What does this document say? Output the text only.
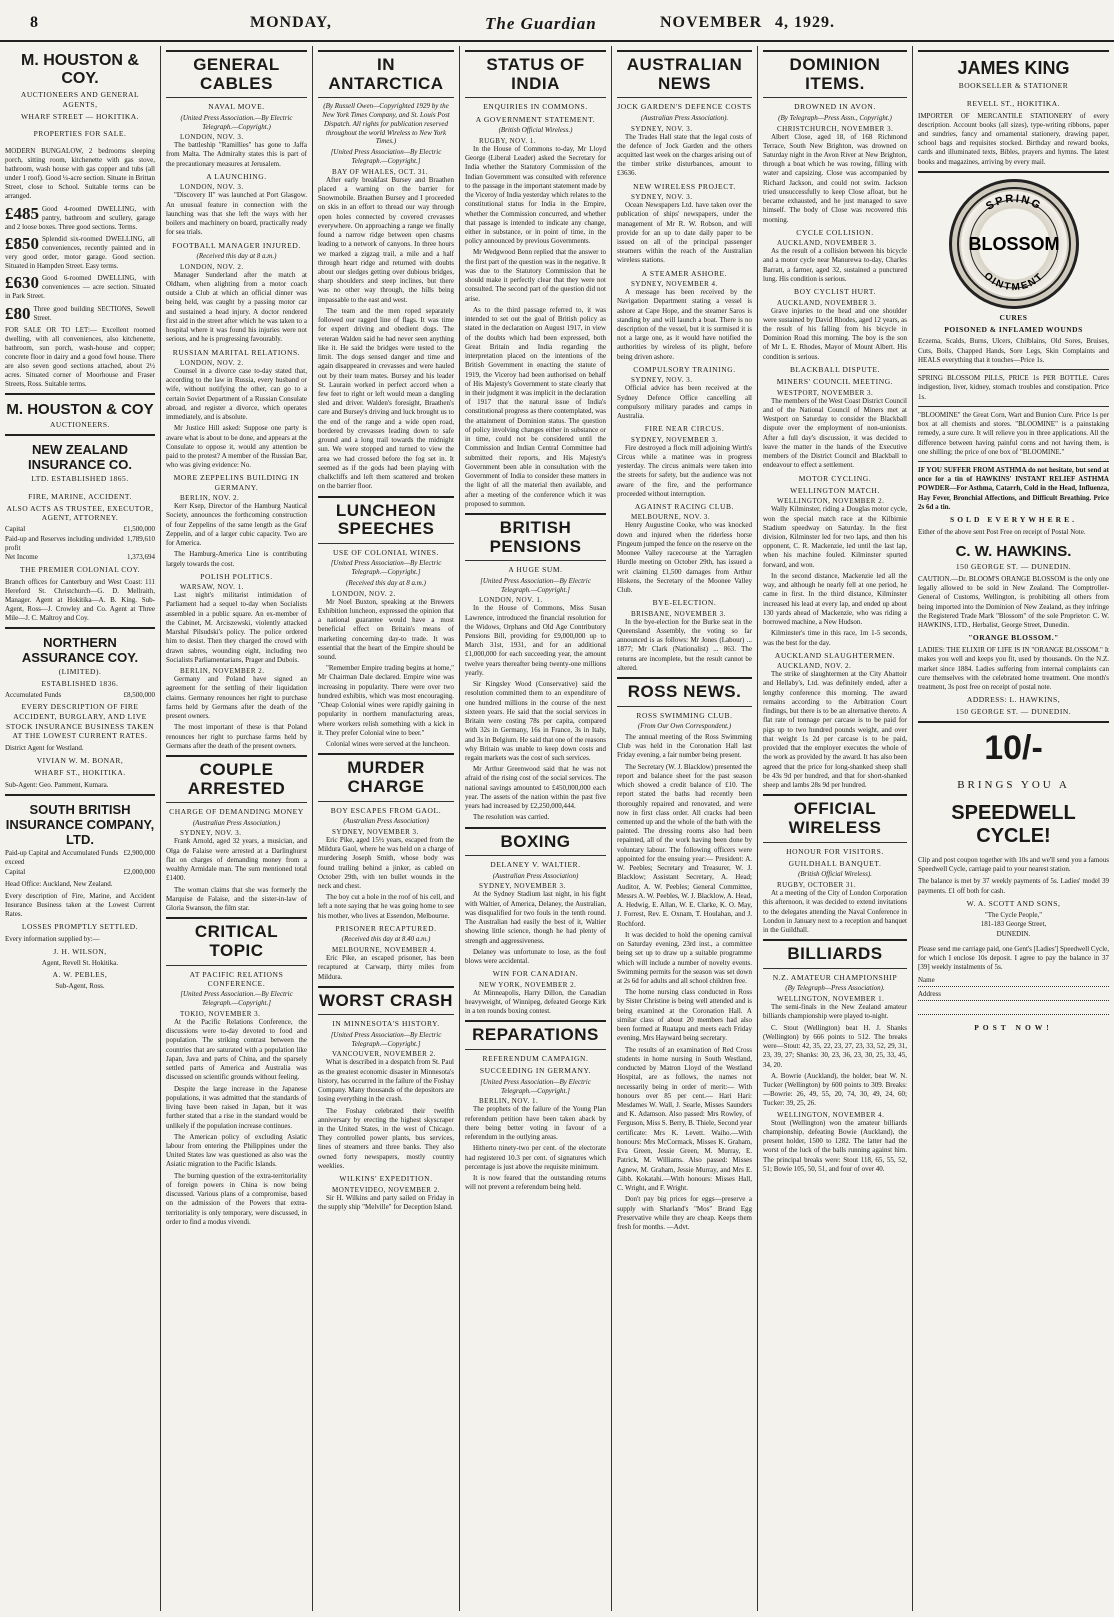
8	MONDAY,	The Guardian	NOVEMBER 4, 1929.
M. HOUSTON & COY.
AUCTIONEERS AND GENERAL AGENTS,
WHARF STREET — HOKITIKA.
PROPERTIES FOR SALE.
MODERN BUNGALOW, 2 bedrooms sleeping porch, sitting room, kitchenette with gas stove, bathroom, wash house with gas copper and tubs (all under 1 roof). Good ¼-acre section. Situate in Brittan Street, close to School. Suitable terms can be arranged.
£485 Good 4-roomed DWELLING, with pantry, bathroom and scullery, garage and 2 loose boxes. Three good sections. Terms.
£850 Splendid six-roomed DWELLING, all conveniences, recently painted and in very good order, motor garage. Good section. Situated in Hampden Street. Easy terms.
£630 Good 6-roomed DWELLING, with conveniences — acre section. Situated in Park Street.
£80 Three good building SECTIONS, Sewell Street.
FOR SALE OR TO LET:— Excellent roomed dwelling, with all conveniences, also kitchenette, bathroom, sun porch, wash-house and copper; concrete floor in dairy and a good fowl house. There are also seven good sections attached, about 2½ acres. Situated corner of Moorhouse and Fraser Streets, Ross. Suitable terms.
M. HOUSTON & COY
AUCTIONEERS.
NEW ZEALAND INSURANCE CO.
LTD. ESTABLISHED 1865.
FIRE, MARINE, ACCIDENT.
ALSO ACTS AS TRUSTEE, EXECUTOR, AGENT, ATTORNEY.
Capital	£1,500,000
Paid-up and Reserves including undivided profit
1,789,610
Net Income	1,373,694
THE PREMIER COLONIAL COY.
Branch offices for Canterbury and West Coast: 111 Hereford St. Christchurch—G. D. Mellraith, Manager. Agent at Hokitika—A. B. King. Sub-Agent, Ross—J. Crowley and Co. Agent at Three Mile—J. C. Maltroy and Coy.
NORTHERN ASSURANCE COY.
(LIMITED).
ESTABLISHED 1836.
Accumulated Funds	£8,500,000
EVERY DESCRIPTION OF FIRE ACCIDENT, BURGLARY, AND LIVE STOCK INSURANCE BUSINESS TAKEN AT THE LOWEST CURRENT RATES.
District Agent for Westland.
VIVIAN W. M. BONAR,
WHARF ST., HOKITIKA.
Sub-Agent: Geo. Pamment, Kumara.
SOUTH BRITISH INSURANCE COMPANY, LTD.
Paid-up Capital and Accumulated Funds exceed
£2,900,000
Capital	£2,000,000
Head Office: Auckland, New Zealand.
Every description of Fire, Marine, and Accident Insurance Business taken at the Lowest Current Rates.
LOSSES PROMPTLY SETTLED.
Every information supplied by:—
J. H. WILSON,
Agent, Revell St. Hokitika.
A. W. PEBLES,
Sub-Agent, Ross.
GENERAL CABLES
NAVAL MOVE.
(United Press Association.—By Electric Telegraph.—Copyright.)
LONDON, NOV. 3.
The battleship "Ramillies" has gone to Jaffa from Malta. The Admiralty states this is part of the precautionary measures at Jerusalem.
A LAUNCHING.
LONDON, NOV. 3.
"Discovery II" was launched at Port Glasgow. An unusual feature in connection with the launching was that she left the ways with her boilers and machinery on board, practically ready for sea trials.
FOOTBALL MANAGER INJURED.
(Received this day at 8 a.m.)
LONDON, NOV. 2.
Manager Sunderland after the match at Oldham, when alighting from a motor coach outside a Club at which an official dinner was being held, was caught by a passing motor car and sustained a head injury. A doctor rendered first aid in the street after which he was taken to a hospital where it was found his injuries were not serious, and he is progressing favourably.
RUSSIAN MARITAL RELATIONS.
LONDON, NOV. 2.
Counsel in a divorce case to-day stated that, according to the law in Russia, every husband or wife, without notifying the other, can go to a certain Soviet Department of a Russian Consulate abroad, and register a divorce, which operates immediately, and is absolute.
Mr Justice Hill asked: Suppose one party is aware what is about to be done, and appears at the Consulate to oppose it, would any attention be paid to the protest? A member of the Russian Bar, who was giving evidence: No.
MORE ZEPPELINS BUILDING IN GERMANY.
BERLIN, NOV. 2.
Kerr Ksep, Director of the Hamburg Nautical Society, announces the forthcoming construction of four Zeppelins of the same length as the Graf Zeppelin, and of a larger cubic capacity. Two are for America.
The Hamburg-America Line is contributing largely towards the cost.
POLISH POLITICS.
WARSAW, NOV. 1.
Last night's militarist intimidation of Parliament had a sequel to-day when Socialists assembled in a public square. An ex-member of the Cabinet, M. Arciszewski, violently attacked Marshal Pilsudski's policy. The police ordered him to desist. Then they charged the crowd with drawn sabres, wounding eight, including two Socialists Parliamentarians, Prager and Dubois.
BERLIN, NOVEMBER 2.
Germany and Poland have signed an agreement for the settling of their liquidation claims. Germany renounces her right to purchase farms held by Germans after the death of the present owners.
The most important of these is that Poland renounces her right to purchase farms held by Germans after the death of the present owners.
COUPLE ARRESTED
CHARGE OF DEMANDING MONEY
(Australian Press Association.)
SYDNEY, NOV. 3.
Frank Arnold, aged 32 years, a musician, and Olga de Falaise were arrested at a Darlinghurst flat on charges of demanding money from a wealthy Armidale man. The sum mentioned total £1400.
The woman claims that she was formerly the Marquise de Falaise, and the sister-in-law of Gloria Swanson, the film star.
CRITICAL TOPIC
AT PACIFIC RELATIONS CONFERENCE.
[United Press Association.—By Electric Telegraph.—Copyright.]
TOKIO, NOVEMBER 3.
At the Pacific Relations Conference, the discussions were to-day devoted to food and population. The striking contrast between the countries that are saturated with a population like Japan, Java and parts of China, and the sparsely settled parts of America and Australia was discussed on scientific grounds without feeling.
Despite the large increase in the Japanese populations, it was admitted that the standards of living have been raised in Japan, but it was further stated that a rise in the standard would be unlikely if the population increase continues.
The American policy of excluding Asiatic labour from entering the Philippines under the United States law was questioned as also was the Asiatic migration to the Pacific Islands.
The burning question of the extra-territoriality of foreign powers in China is now being discussed. Various plans of a compromise, based on the admission of the Powers that extra-territoriality is only temporary, were discussed, in order to find a modus vivendi.
IN ANTARCTICA
(By Russell Owen—Copyrighted 1929 by the New York Times Company, and St. Louis Post Dispatch. All rights for publication reserved throughout the world Wireless to New York Times.)
[United Press Association—By Electric Telegraph.—Copyright.]
BAY OF WHALES, OCT. 31.
After early breakfast Bursey and Braathen placed a warning on the barrier for Snowmobile. Braathen Bursey and I proceeded on skis in an effort to thread our way through open holes connected by covered crevasses everywhere. On approaching a range we finally found a narrow ridge between open chasms leading to a network of canyons. In three hours we marked a zigzag trail, a mile and a half through heart ridge and returned with doubts about our sledges getting over dubious bridges, sharp shoulders and steep inclines, but there was no other way through, the hills being impassable to the east and west.
The team and the men roped separately followed our ragged line of flags. It was time for expert driving and obedient dogs. The veteran Walden said he had never seen anything like it. He said the bridges were tested to the limit. The dogs sensed danger and time and again disappeared in crevasses and were hauled out by their team mates. Bursey and his leader St. Laurain worked in perfect accord when a few feet to right or left would mean a dangling sled and driver. Walden's foresight, Braathen's care and Bursey's driving and luck brought us to the end of the range and a wide open road, bordered by crevasses leading down to safe ground and a long trail towards the midnight sun. We were stopped and turned to view the area we had crossed before the fog set in. It seemed as if the gods had been playing with chalkcliffs and left them scattered and broken on the barrier floor.
LUNCHEON SPEECHES
USE OF COLONIAL WINES.
[United Press Association—By Electric Telegraph.—Copyright.]
(Received this day at 8 a.m.)
LONDON, NOV. 2.
Mr Noel Buxton, speaking at the Brewers Exhibition luncheon, expressed the opinion that a national guarantee would have a most beneficial effect on Britain's means of marketing concerning day-to trade. It was essential that the heart of the Empire should be sound.
"Remember Empire trading begins at home," Mr Chairman Dale declared. Empire wine was increasing in popularity. There were over two hundred exhibits, which was most encouraging. "Cheap Colonial wines were rapidly gaining in popularity in northern manufacturing areas, where workers relish something with a kick in it. They prefer Colonial wine to beer."
Colonial wines were served at the luncheon.
MURDER CHARGE
BOY ESCAPES FROM GAOL.
(Australian Press Association)
SYDNEY, NOVEMBER 3.
Eric Pike, aged 15½ years, escaped from the Mildura Gaol, where he was held on a charge of murdering Joseph Smith, whose body was found trailing behind a jinker, as cabled on October 29th, with ten bullet wounds in the neck and chest.
The boy cut a hole in the roof of his cell, and left a note saying that he was going home to see his mother, who lives at Essendon, Melbourne.
PRISONER RECAPTURED.
(Received this day at 8.40 a.m.)
MELBOURNE, NOVEMBER 4.
Eric Pike, an escaped prisoner, has been recaptured at Carwarp, thirty miles from Mildura.
WORST CRASH
IN MINNESOTA'S HISTORY.
[United Press Association—By Electric Telegraph.—Copyright.]
VANCOUVER, NOVEMBER 2.
What is described in a despatch from St. Paul as the greatest economic disaster in Minnesota's history, has occurred in the failure of the Foshay Company. Many thousands of the depositors are losing everything in the crash.
The Foshay celebrated their twelfth anniversary by erecting the highest skyscraper in the United States, in the west of Chicago. They controlled power plants, bus services, lines of steamers and three banks. They also owned forty newspapers, mostly country weeklies.
WILKINS' EXPEDITION.
MONTEVIDEO, NOVEMBER 2.
Sir H. Wilkins and party sailed on Friday in the supply ship "Melville" for Deception Island.
STATUS OF INDIA
ENQUIRIES IN COMMONS.
A GOVERNMENT STATEMENT.
(British Official Wireless.)
RUGBY, NOV. 1.
In the House of Commons to-day, Mr Lloyd George (Liberal Leader) asked the Secretary for India whether the Statutory Commission of the Indian Government was consulted with reference to the passage in the important statement made by the Viceroy of India yesterday which relates to the constitutional status for India in the Empire, whether the Commission concurred, and whether that passage is intended to indicate any change, either in substance, or in point of time, in the policy announced by previous Governments.
Mr Wedgwood Benn replied that the answer to the first part of the question was in the negative. It was due to the Statutory Commission that he should make it perfectly clear that they were not consulted. The second part of the question did not arise.
As to the third passage referred to, it was intended to set out the goal of British policy as stated in the declaration on August 1917, in view of the doubts which had been expressed, both Great Britain and India regarding the interpretation placed on the intentions of the British Government in enacting the statute of 1919, the Viceroy had been authorised on behalf of His Majesty's Government to state clearly that in their judgment it was implicit in the declaration of 1917 that the natural issue of India's constitutional progress as there contemplated, was the attainment of Dominion status. The question of policy involving changes either in substance or in time, could not be considered until the Commission and Indian Central Committee had submitted their reports, and His Majesty's Government been able in consultation with the Government of India to consider these matters in the light of all the material then available, and after a meeting of the conference which it was proposed to summon.
BRITISH PENSIONS
A HUGE SUM.
[United Press Association—By Electric Telegraph.—Copyright.]
LONDON, NOV. 1.
In the House of Commons, Miss Susan Lawrence, introduced the financial resolution for the Widows, Orphans and Old Age Contributory Pensions Bill, providing for £9,000,000 up to March 31st, 1931, and for an additional £1,000,000 for each succeeding year, the amount twelve years thereafter being twenty-one millions yearly.
Sir Kingsley Wood (Conservative) said the resolution committed them to an expenditure of one hundred millions in the course of the next sixteen years. He said that the social services in Britain were costing 78s per capita, compared with 32s in Germany, 16s in France, 3s in Italy, and 3s in Belgium. He said that one of the reasons why Britain was unable to keep down costs and regain markets was the cost of such services.
Mr Arthur Greenwood said that he was not afraid of the rising cost of the social services. The national savings amounted to £450,000,000 each year. The assets of the nation within the past five years had increased by £2,250,000,444.
The resolution was carried.
BOXING
DELANEY V. WALTIER.
(Australian Press Association)
SYDNEY, NOVEMBER 3.
At the Sydney Stadium last night, in his fight with Waltier, of America, Delaney, the Australian, was disqualified for two fouls in the tenth round. The Australian had easily the best of it, Waltier showing little science, though he had plenty of strength and aggressiveness.
Delaney was unfortunate to lose, as the foul blows were accidental.
WIN FOR CANADIAN.
NEW YORK, NOVEMBER 2.
At Minneapolis, Harry Dillon, the Canadian heavyweight, of Winnipeg, defeated George Kirk in a ten rounds boxing contest.
REPARATIONS
REFERENDUM CAMPAIGN.
SUCCEEDING IN GERMANY.
[United Press Association—By Electric Telegraph.—Copyright.]
BERLIN, NOV. 1.
The prophets of the failure of the Young Plan referendum petition have been taken aback by there being better voting in favour of a referendum in the outlying areas.
Hitherto ninety-two per cent. of the electorate had registered 10.3 per cent. of signatures which percentage is just above the requisite minimum.
It is now feared that the outstanding returns will not prevent a referendum being held.
AUSTRALIAN NEWS
JOCK GARDEN'S DEFENCE COSTS
(Australian Press Association).
SYDNEY, NOV. 3.
The Trades Hall state that the legal costs of the defence of Jock Garden and the others acquitted last week on the charges arising out of the timber strike disturbances, amount to £3636.
NEW WIRELESS PROJECT.
SYDNEY, NOV. 3.
Ocean Newspapers Ltd. have taken over the publication of ships' newspapers, under the management of Mr R. W. Robson, and will provide for an up to date daily paper to be issued on all of the principal passenger steamers within the reach of the Australian wireless stations.
A STEAMER ASHORE.
SYDNEY, NOVEMBER 4.
A message has been received by the Navigation Department stating a vessel is ashore at Cape Hope, and the steamer Saros is standing by and will launch a boat. There is no description of the vessel, but it is surmised it is not a large one, as it would have notified the authorities by wireless of its plight, before being driven ashore.
COMPULSORY TRAINING.
SYDNEY, NOV. 3.
Official advice has been received at the Sydney Defence Office cancelling all compulsory military parades and camps in Australia.
FIRE NEAR CIRCUS.
SYDNEY, NOVEMBER 3.
Fire destroyed a flock mill adjoining Wirth's Circus while a matinee was in progress yesterday. The circus animals were taken into the streets for safety, but the audience was not aware of the fire, and the performance proceeded without interruption.
AGAINST RACING CLUB.
MELBOURNE, NOV. 3.
Henry Augustine Cooke, who was knocked down and injured when the riderless horse Pingeum jumped the fence on the reserve on the Moonee Valley racecourse at the Yarraglen Hurdle meeting on October 29th, has issued a writ claiming £1,500 damages from Arthur Hiskens, the Secretary of the Moonee Valley Club.
BYE-ELECTION.
BRISBANE, NOVEMBER 3.
In the bye-election for the Burke seat in the Queensland Assembly, the voting so far announced is as follows: Mr Jones (Labour) ... 1877; Mr Clark (Nationalist) ... 863. The returns are incomplete, but the result cannot be altered.
ROSS NEWS.
ROSS SWIMMING CLUB.
(From Our Own Correspondent.)
The annual meeting of the Ross Swimming Club was held in the Coronation Hall last Friday evening, a fair number being present.
The Secretary (W. J. Blacklow) presented the report and balance sheet for the past season which showed a credit balance of £10. The report stated the baths had recently been thoroughly repaired and renovated, and were now in first class order. All cracks had been cemented up and the whole of the bath with the painted. The dressing rooms also had been repainted, all of the work having been done by voluntary labour. The following officers were appointed for the ensuing year:— President: A. W. Peebles; Secretary and Treasurer, W. J. Blacklow; Assistant Secretary, A. Head; Auditor, A. W. Peebles; General Committee, Messrs A. W. Peebles, W. J. Blacklow, A. Head, A. Hedwig, E. Allan, W. E. Clarke, K. O. May, J. Forrest, Rev. E. Oxnam, T. Houlahan, and J. Rochford.
It was decided to hold the opening carnival on Saturday evening, 23rd inst., a committee being set up to draw up a suitable programme which will include a number of novelty events. Swimming permits for the season was set down at 2s 6d for adults and all school children free.
The home nursing class conducted in Ross by Sister Christine is being well attended and is being examined at the Coronation Hall. A similar class of about 20 members had also been formed at Ruatapu and meets each Friday evening, Mrs Hayward being secretary.
The results of an examination of Red Cross students in home nursing in South Westland, conducted by Matron Lloyd of the Westland Hospital, are as follows, the names not necessarily being in order of merit:— With honours over 85 per cent.— Hari Hari: Mesdames W. Wall, J. Searle, Misses Saunders and K. Adamson. Also passed: Mrs Rowley, of Ferguson, Miss S. Berry, B. Thiele, Second year certificate: Mrs K. Levett. Waiho.—With honours: Mrs McCormack, Misses K. Graham, Eva Green, Jessie Green, M. Murray, E. Patrick, M. Williams. Also passed: Misses Agnew, M. Graham, Jessie Murray, and Mrs E. Gibb. Kokatahi.—With honours: Misses Hall, C. Wright, and F. Wright.
Don't pay big prices for eggs—preserve a supply with Sharland's "Mos" Brand Egg Preservative while they are cheap. Keeps them fresh for months. —Advt.
DOMINION ITEMS.
DROWNED IN AVON.
(By Telegraph—Press Assn., Copyright.)
CHRISTCHURCH, NOVEMBER 3.
Albert Close, aged 18, of 168 Richmond Terrace, South New Brighton, was drowned on Saturday night in the Avon River at New Brighton, through a boat which he was rowing, filling with water and capsizing. Close was accompanied by Richard Jackson, and could not swim. Jackson tried unsuccessfully to keep Close afloat, but he became exhausted, and he just managed to save himself. The body of Close was recovered this morning.
CYCLE COLLISION.
AUCKLAND, NOVEMBER 3.
As the result of a collision between his bicycle and a motor cycle near Manurewa to-day, Charles Barratt, a farmer, aged 32, sustained a punctured lung. His condition is serious.
BOY CYCLIST HURT.
AUCKLAND, NOVEMBER 3.
Grave injuries to the head and one shoulder were sustained by David Rhodes, aged 12 years, as the result of his falling from his bicycle in Dominion Road this morning. The boy is the son of Mr L. E. Rhodes, Mayor of Mount Albert. His condition is serious.
BLACKBALL DISPUTE.
MINERS' COUNCIL MEETING.
WESTPORT, NOVEMBER 3.
The members of the West Coast District Council and of the National Council of Miners met at Westport on Saturday to consider the Blackball dispute over the employment of non-unionists. After a full day's discussion, it was decided to leave the matter in the hands of the Executive members of the District Council and Blackball to endeavour to effect a settlement.
MOTOR CYCLING.
WELLINGTON MATCH.
WELLINGTON, NOVEMBER 2.
Wally Kilminster, riding a Douglas motor cycle, won the special match race at the Kilbirnie Stadium speedway on Saturday. In the first division, Kilminster led for two laps, and then his opponent, C. R. Mackenzie, led until the last lap, when his machine fouled. Kilminster spurted forward, and won.
In the second distance, Mackenzie led all the way, and although he nearly fell at one period, he came in first. In the third distance, Kilminster increased his lead at every lap, and ended up about 130 yards ahead of Mackenzie, who was riding a borrowed machine, a New Hudson.
Kilminster's time in this race, 1m 1-5 seconds, was the best for the day.
AUCKLAND SLAUGHTERMEN.
AUCKLAND, NOV. 2.
The strike of slaughtermen at the City Abattoir and Hellaby's, Ltd. was definitely ended, after a lengthy conference this morning. The award remains according to the Arbitration Court findings, but there is to be an alternative thereto. A flat rate of tonnage per carcase is to be paid for pigs up to two hundred pounds weight, and over that weight 1s 2d per carcase is to be paid, provided that the employer executes the whole of the work as provided by the award. It has also been agreed that the price for long-shanked sheep shall be 43s 9d per hundred, and that for short-shanked sheep and lambs 28s 9d per hundred.
OFFICIAL WIRELESS
HONOUR FOR VISITORS.
GUILDHALL BANQUET.
(British Official Wireless).
RUGBY, OCTOBER 31.
At a meeting of the City of London Corporation this afternoon, it was decided to extend invitations to the delegates attending the Naval Conference in London in January next to a reception and banquet in the Guildhall.
BILLIARDS
N.Z. AMATEUR CHAMPIONSHIP
(By Telegraph—Press Association).
WELLINGTON, NOVEMBER 1.
The semi-finals in the New Zealand amateur billiards championship were played to-night.
C. Stout (Wellington) beat H. J. Shanks (Wellington) by 666 points to 512. The breaks were—Stout: 42, 35, 22, 23, 27, 23, 33, 52, 29, 31, 23, 39, 27; Shanks: 30, 23, 36, 23, 30, 25, 33, 45, 34, 20.
A. Bowrie (Auckland), the holder, beat W. N. Tucker (Wellington) by 600 points to 309. Breaks:—Bowrie: 26, 49, 55, 20, 74, 30, 49, 24, 60; Tucker: 39, 25, 26.
WELLINGTON, NOVEMBER 4.
Stout (Wellington) won the amateur billiards championship, defeating Bowie (Auckland), the present holder, 1500 to 1282. The latter had the worst of the luck of the balls running against him. The principal breaks were: Stout 118, 65, 55, 52, 51; Bowie 105, 50, 51, and four of over 40.
JAMES KING
BOOKSELLER & STATIONER
REVELL ST., HOKITIKA.
IMPORTER OF MERCANTILE STATIONERY of every description. Account books (all sizes), type-writing ribbons, paper and sundries, fancy and ornamental stationery, drawing paper, school bags and requisites stocked. Birthday and reward books, cards and illuminated texts, Bibles, prayers and hymns. The latest books and magazines, arriving by every mail.
SPRING
BLOSSOM
OINTMENT
CURES
POISONED & INFLAMED WOUNDS
Eczema, Scalds, Burns, Ulcers, Chilblains, Old Sores, Bruises, Cuts, Boils, Chapped Hands, Sore Legs, Skin Complaints and HEALS everything that it touches—Price 1s.
SPRING BLOSSOM PILLS, PRICE 1s PER BOTTLE. Cures indigestion, liver, kidney, stomach troubles and constipation. Price 1s.
"BLOOMINE" the Great Corn, Wart and Bunion Cure. Price 1s per box at all chemists and stores. "BLOOMINE" is a painstaking remedy, a sure cure. It will relieve you in three applications. All the difference between having painful corns and not having them, is one shilling; the price of one box of "BLOOMINE."
IF YOU SUFFER FROM ASTHMA do not hesitate, but send at once for a tin of HAWKINS' INSTANT RELIEF ASTHMA POWDER—For Asthma, Catarrh, Cold in the Head, Influenza, Hay Fever, Bronchial Affections, and Difficult Breathing. Price 2s 6d a tin.
SOLD EVERYWHERE.
Either of the above sent Post Free on receipt of Postal Note.
C. W. HAWKINS.
150 GEORGE ST. — DUNEDIN.
CAUTION.—Dr. BLOOM'S ORANGE BLOSSOM is the only one legally allowed to be sold in New Zealand. The Comptroller-General of Customs, Wellington, is prohibiting all others from being imported into the Dominion of New Zealand, as they infringe the Registered Trade Mark "Blossom" of the sole Proprietor: C. W. HAWKINS, LTD., Herbalist, George Street, Dunedin.
"ORANGE BLOSSOM."
LADIES: THE ELIXIR OF LIFE IS IN "ORANGE BLOSSOM." It makes you well and keeps you fit, used by thousands. On the N.Z. market since 1884. Ladies suffering from internal complaints can cure themselves with the celebrated home treatment. One month's treatment, 3s post free on receipt of postal note.
ADDRESS: L. HAWKINS,
150 GEORGE ST. — DUNEDIN.
10/-
BRINGS YOU A
SPEEDWELL
CYCLE!
Clip and post coupon together with 10s and we'll send you a famous Speedwell Cycle, carriage paid to your nearest station.
The balance is met by 37 weekly payments of 5s. Ladies' model 39 payments. £1 off both for cash.
W. A. SCOTT AND SONS,
"The Cycle People,"
181-183 George Street,
DUNEDIN.
Please send me carriage paid, one Gent's [Ladies'] Speedwell Cycle, for which I enclose 10s deposit. I agree to pay the balance in 37 [39] weekly instalments of 5s.
Name
Address
POST NOW!
